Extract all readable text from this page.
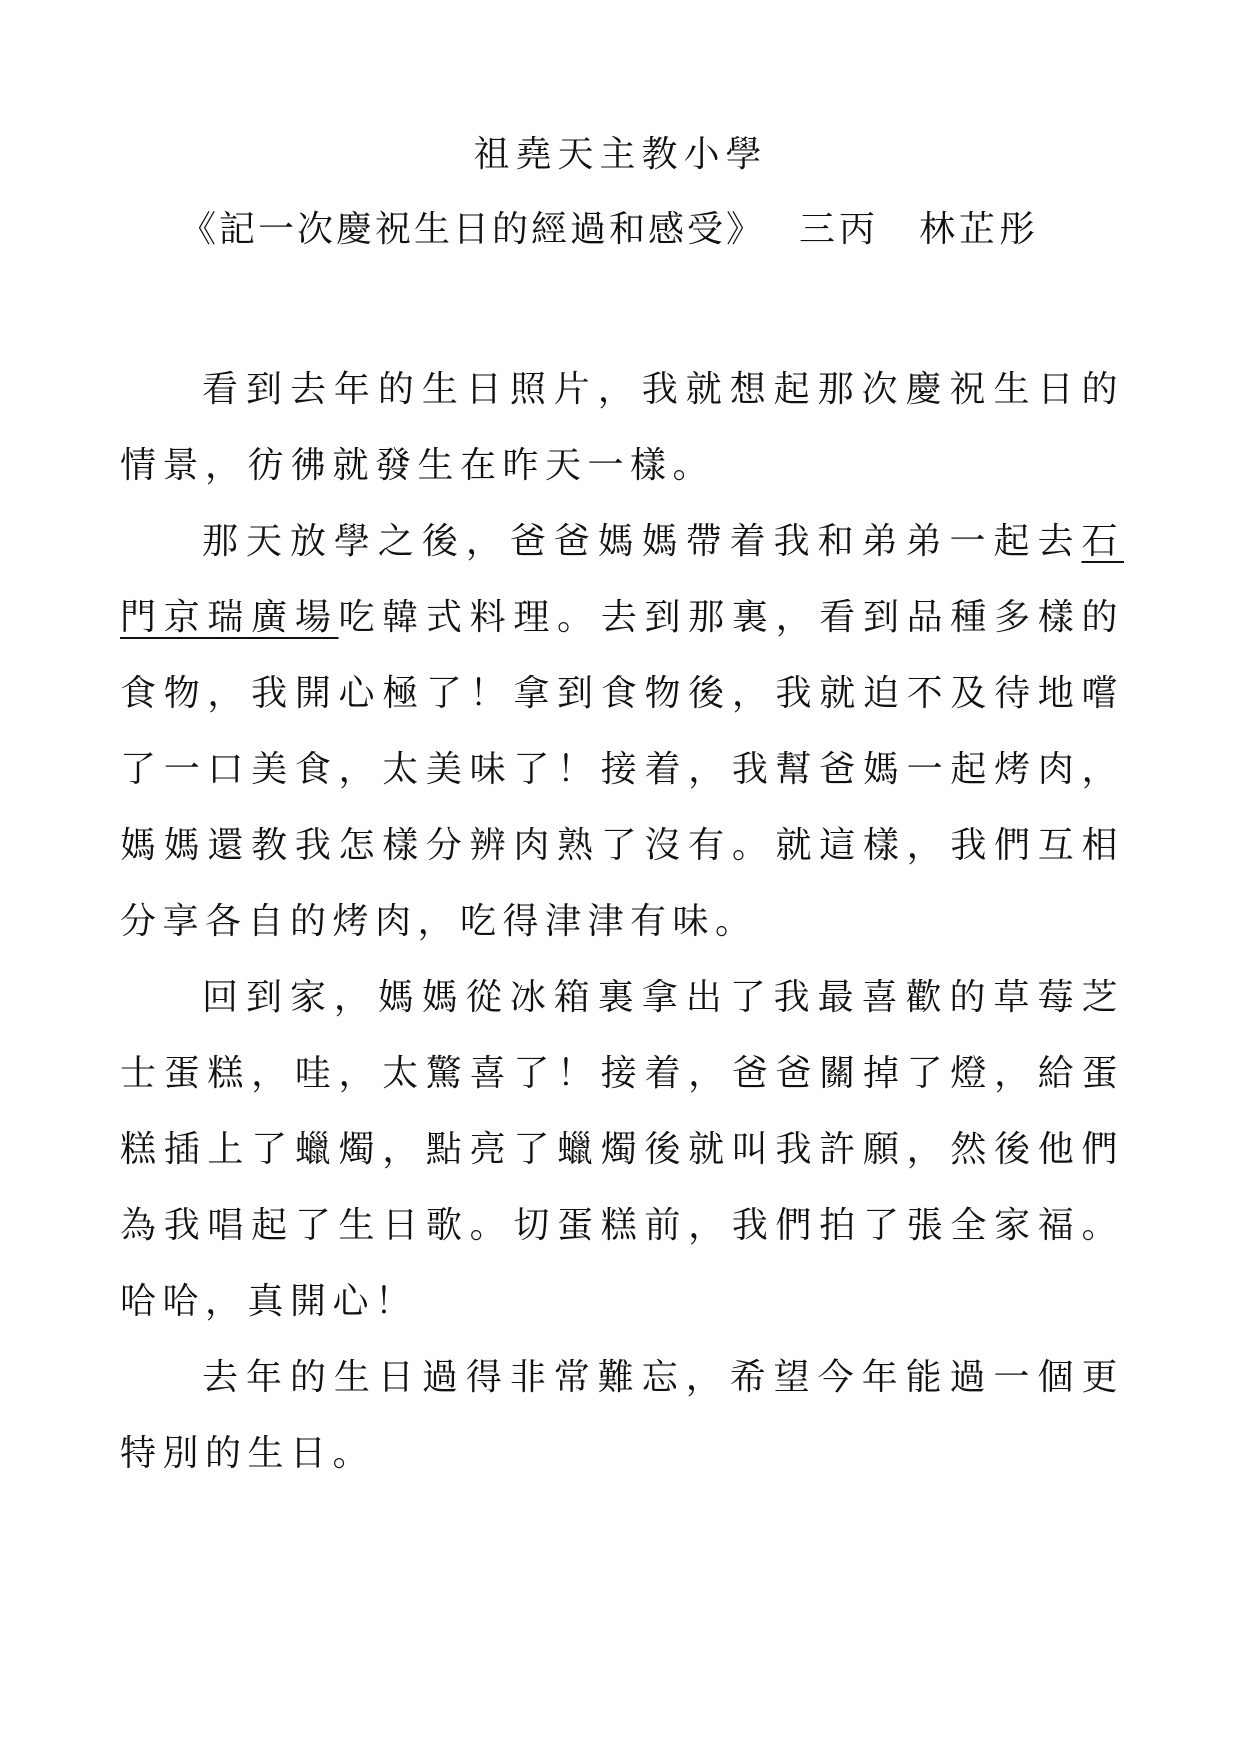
祖堯天主教小學
《記一次慶祝生日的經過和感受》 三丙 林芷彤

看到去年的生日照片，我就想起那次慶祝生日的情景，彷彿就發生在昨天一樣。

那天放學之後，爸爸媽媽帶着我和弟弟一起去石門京瑞廣場吃韓式料理。去到那裏，看到品種多樣的食物，我開心極了！拿到食物後，我就迫不及待地嚐了一口美食，太美味了！接着，我幫爸媽一起烤肉，媽媽還教我怎樣分辨肉熟了沒有。就這樣，我們互相分享各自的烤肉，吃得津津有味。

回到家，媽媽從冰箱裏拿出了我最喜歡的草莓芝士蛋糕，哇，太驚喜了！接着，爸爸關掉了燈，給蛋糕插上了蠟燭，點亮了蠟燭後就叫我許願，然後他們為我唱起了生日歌。切蛋糕前，我們拍了張全家福。哈哈，真開心！

去年的生日過得非常難忘，希望今年能過一個更特別的生日。
